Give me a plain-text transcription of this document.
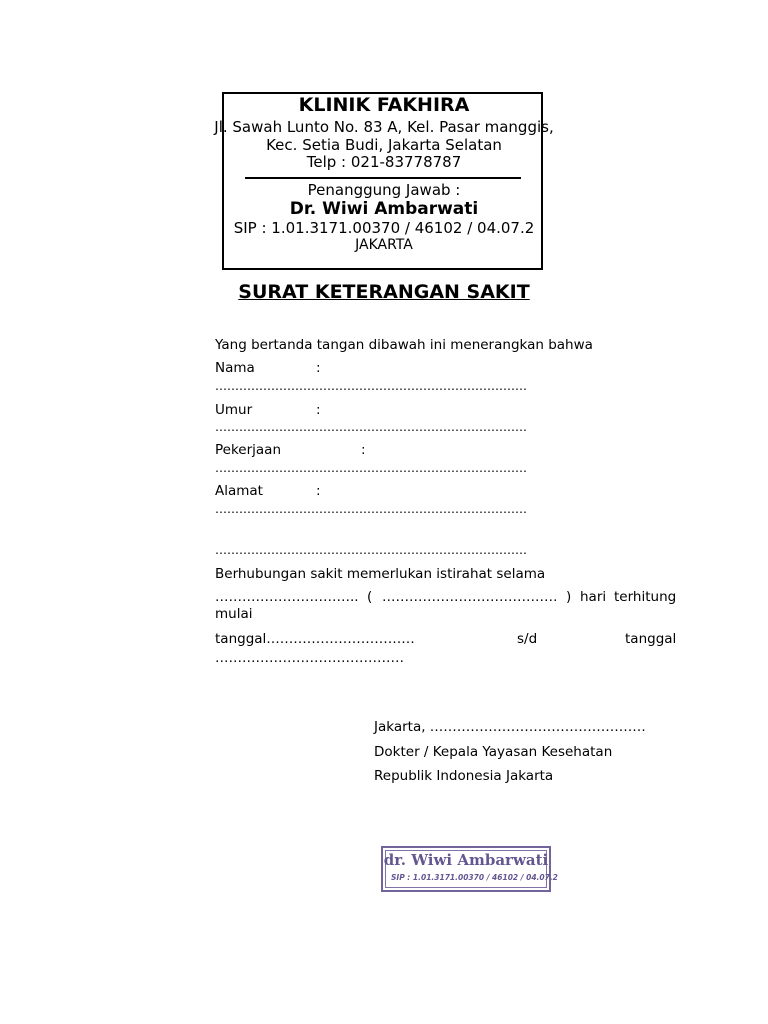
KLINIK FAKHIRA
Jl. Sawah Lunto No. 83 A, Kel. Pasar manggis,
Kec. Setia Budi, Jakarta Selatan
Telp : 021-83778787
Penanggung Jawab :
Dr. Wiwi Ambarwati
SIP : 1.01.3171.00370 / 46102 / 04.07.2
JAKARTA
SURAT KETERANGAN SAKIT
Yang bertanda tangan dibawah ini menerangkan bahwa
Nama	:
……………………………………………………………………
Umur	:
……………………………………………………………………
Pekerjaan	:
……………………………………………………………………
Alamat	:
……………………………………………………………………
……………………………………………………………………
Berhubungan sakit memerlukan istirahat selama
………………………….. ( ………………………………… ) hari terhitung
mulai
tanggal……………………………	s/d	tanggal
……………………………………
Jakarta, …………………………………………
Dokter / Kepala Yayasan Kesehatan
Republik Indonesia Jakarta
dr. Wiwi Ambarwati
SIP : 1.01.3171.00370 / 46102 / 04.07.2
